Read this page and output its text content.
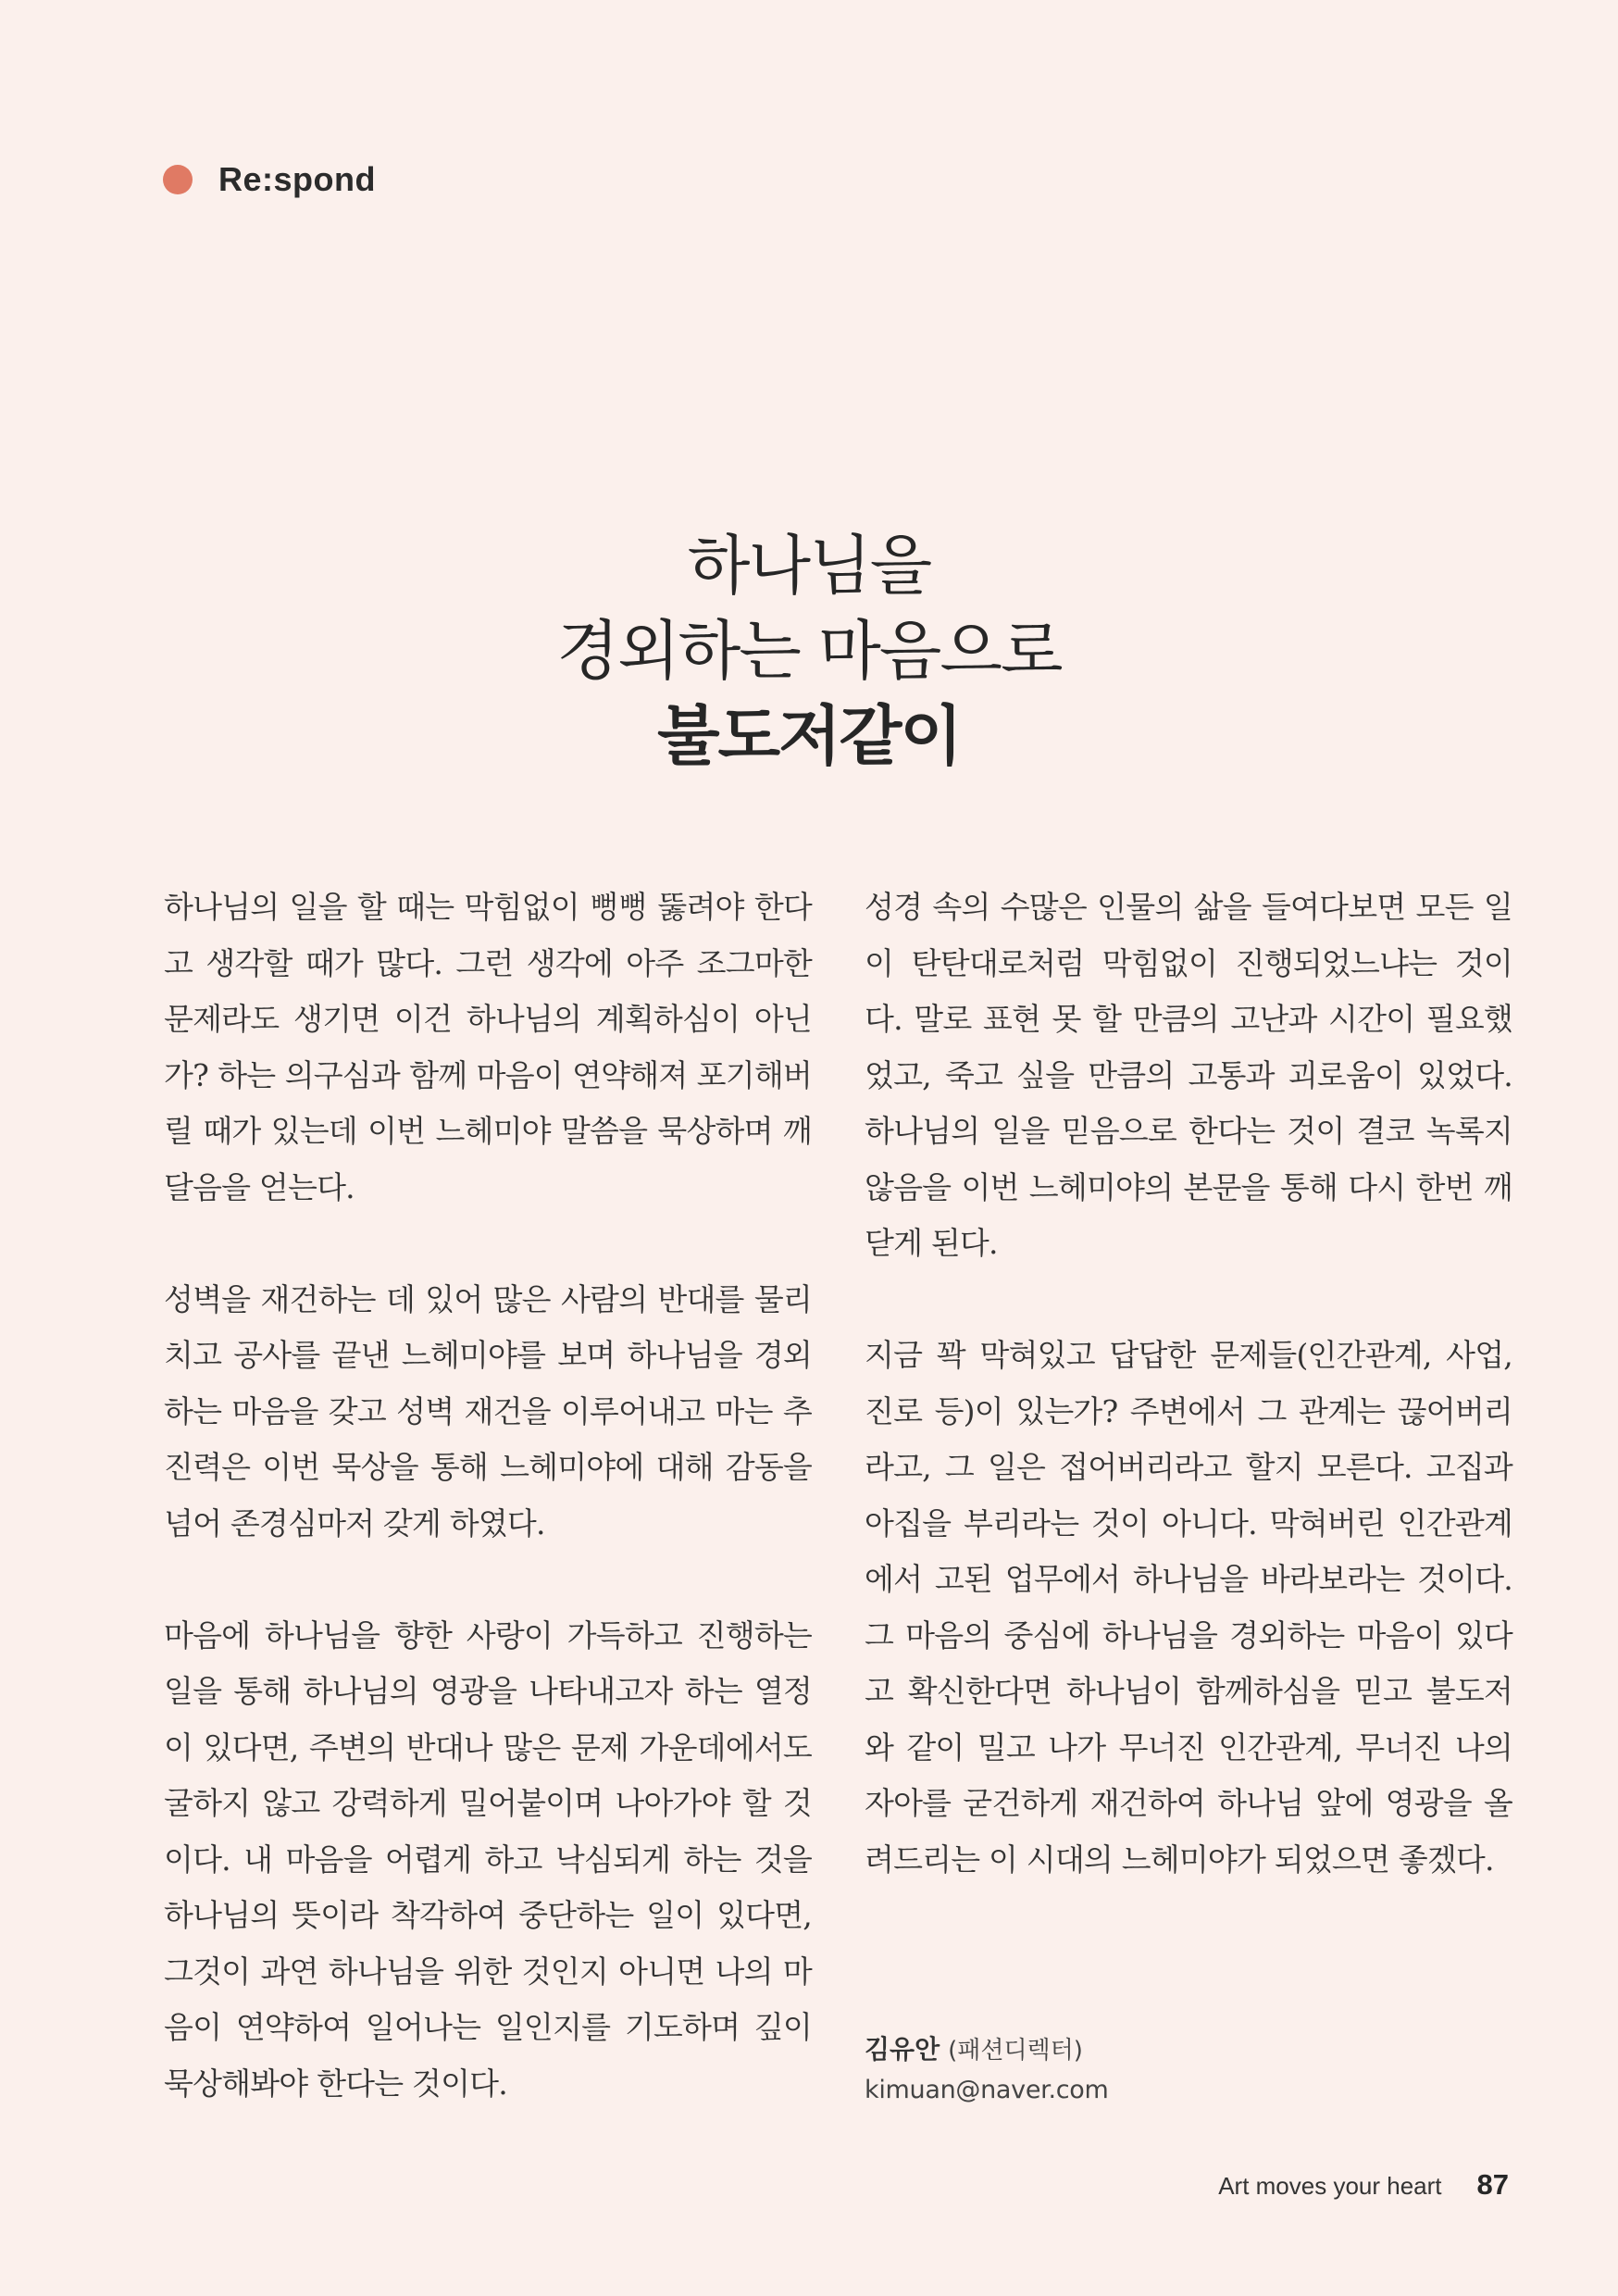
Re:spond
하나님을
경외하는 마음으로
불도저같이

하나님의 일을 할 때는 막힘없이 뻥뻥 뚫려야 한다고 생각할 때가 많다. 그런 생각에 아주 조그마한 문제라도 생기면 이건 하나님의 계획하심이 아닌가? 하는 의구심과 함께 마음이 연약해져 포기해버릴 때가 있는데 이번 느헤미야 말씀을 묵상하며 깨달음을 얻는다.

성벽을 재건하는 데 있어 많은 사람의 반대를 물리치고 공사를 끝낸 느헤미야를 보며 하나님을 경외하는 마음을 갖고 성벽 재건을 이루어내고 마는 추진력은 이번 묵상을 통해 느헤미야에 대해 감동을 넘어 존경심마저 갖게 하였다.

마음에 하나님을 향한 사랑이 가득하고 진행하는 일을 통해 하나님의 영광을 나타내고자 하는 열정이 있다면, 주변의 반대나 많은 문제 가운데에서도 굴하지 않고 강력하게 밀어붙이며 나아가야 할 것이다. 내 마음을 어렵게 하고 낙심되게 하는 것을 하나님의 뜻이라 착각하여 중단하는 일이 있다면, 그것이 과연 하나님을 위한 것인지 아니면 나의 마음이 연약하여 일어나는 일인지를 기도하며 깊이 묵상해봐야 한다는 것이다.

성경 속의 수많은 인물의 삶을 들여다보면 모든 일이 탄탄대로처럼 막힘없이 진행되었느냐는 것이다. 말로 표현 못 할 만큼의 고난과 시간이 필요했었고, 죽고 싶을 만큼의 고통과 괴로움이 있었다. 하나님의 일을 믿음으로 한다는 것이 결코 녹록지 않음을 이번 느헤미야의 본문을 통해 다시 한번 깨닫게 된다.

지금 꽉 막혀있고 답답한 문제들(인간관계, 사업, 진로 등)이 있는가? 주변에서 그 관계는 끊어버리라고, 그 일은 접어버리라고 할지 모른다. 고집과 아집을 부리라는 것이 아니다. 막혀버린 인간관계에서 고된 업무에서 하나님을 바라보라는 것이다. 그 마음의 중심에 하나님을 경외하는 마음이 있다고 확신한다면 하나님이 함께하심을 믿고 불도저와 같이 밀고 나가 무너진 인간관계, 무너진 나의 자아를 굳건하게 재건하여 하나님 앞에 영광을 올려드리는 이 시대의 느헤미야가 되었으면 좋겠다.

김유안 (패션디렉터)
kimuan@naver.com
Art moves your heart 87
